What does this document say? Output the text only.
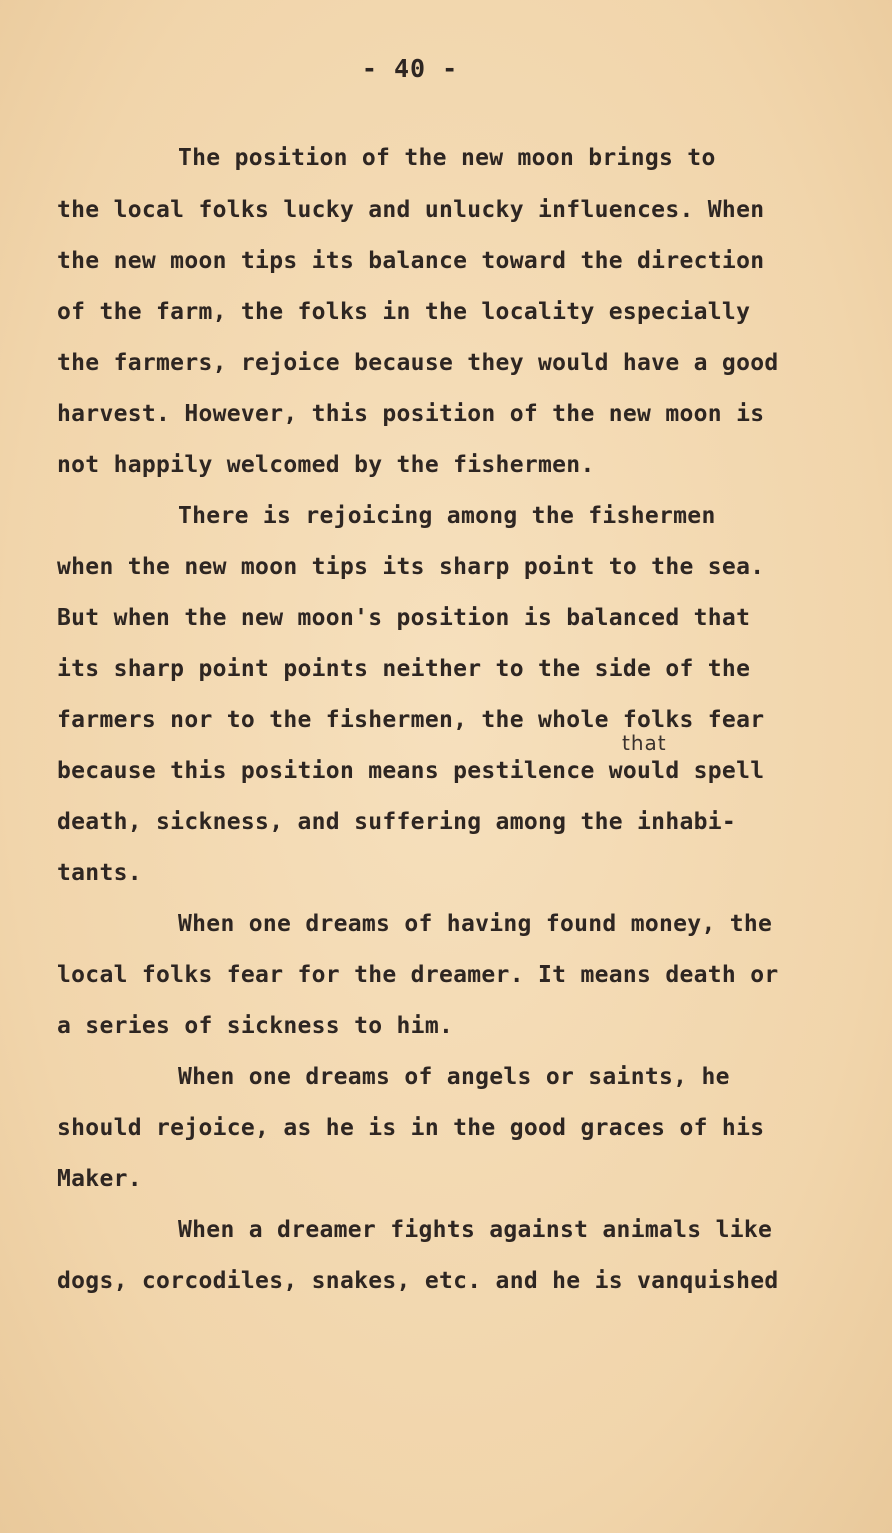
- 40 -
The position of the new moon brings to
the local folks lucky and unlucky influences. When
the new moon tips its balance toward the direction
of the farm, the folks in the locality especially
the farmers, rejoice because they would have a good
harvest. However, this position of the new moon is
not happily welcomed by the fishermen.
There is rejoicing among the fishermen
when the new moon tips its sharp point to the sea.
But when the new moon's position is balanced that
its sharp point points neither to the side of the
farmers nor to the fishermen, the whole folks fear
that
because this position means pestilence would spell
death, sickness, and suffering among the inhabi-
tants.
When one dreams of having found money, the
local folks fear for the dreamer. It means death or
a series of sickness to him.
When one dreams of angels or saints, he
should rejoice, as he is in the good graces of his
Maker.
When a dreamer fights against animals like
dogs, corcodiles, snakes, etc. and he is vanquished
